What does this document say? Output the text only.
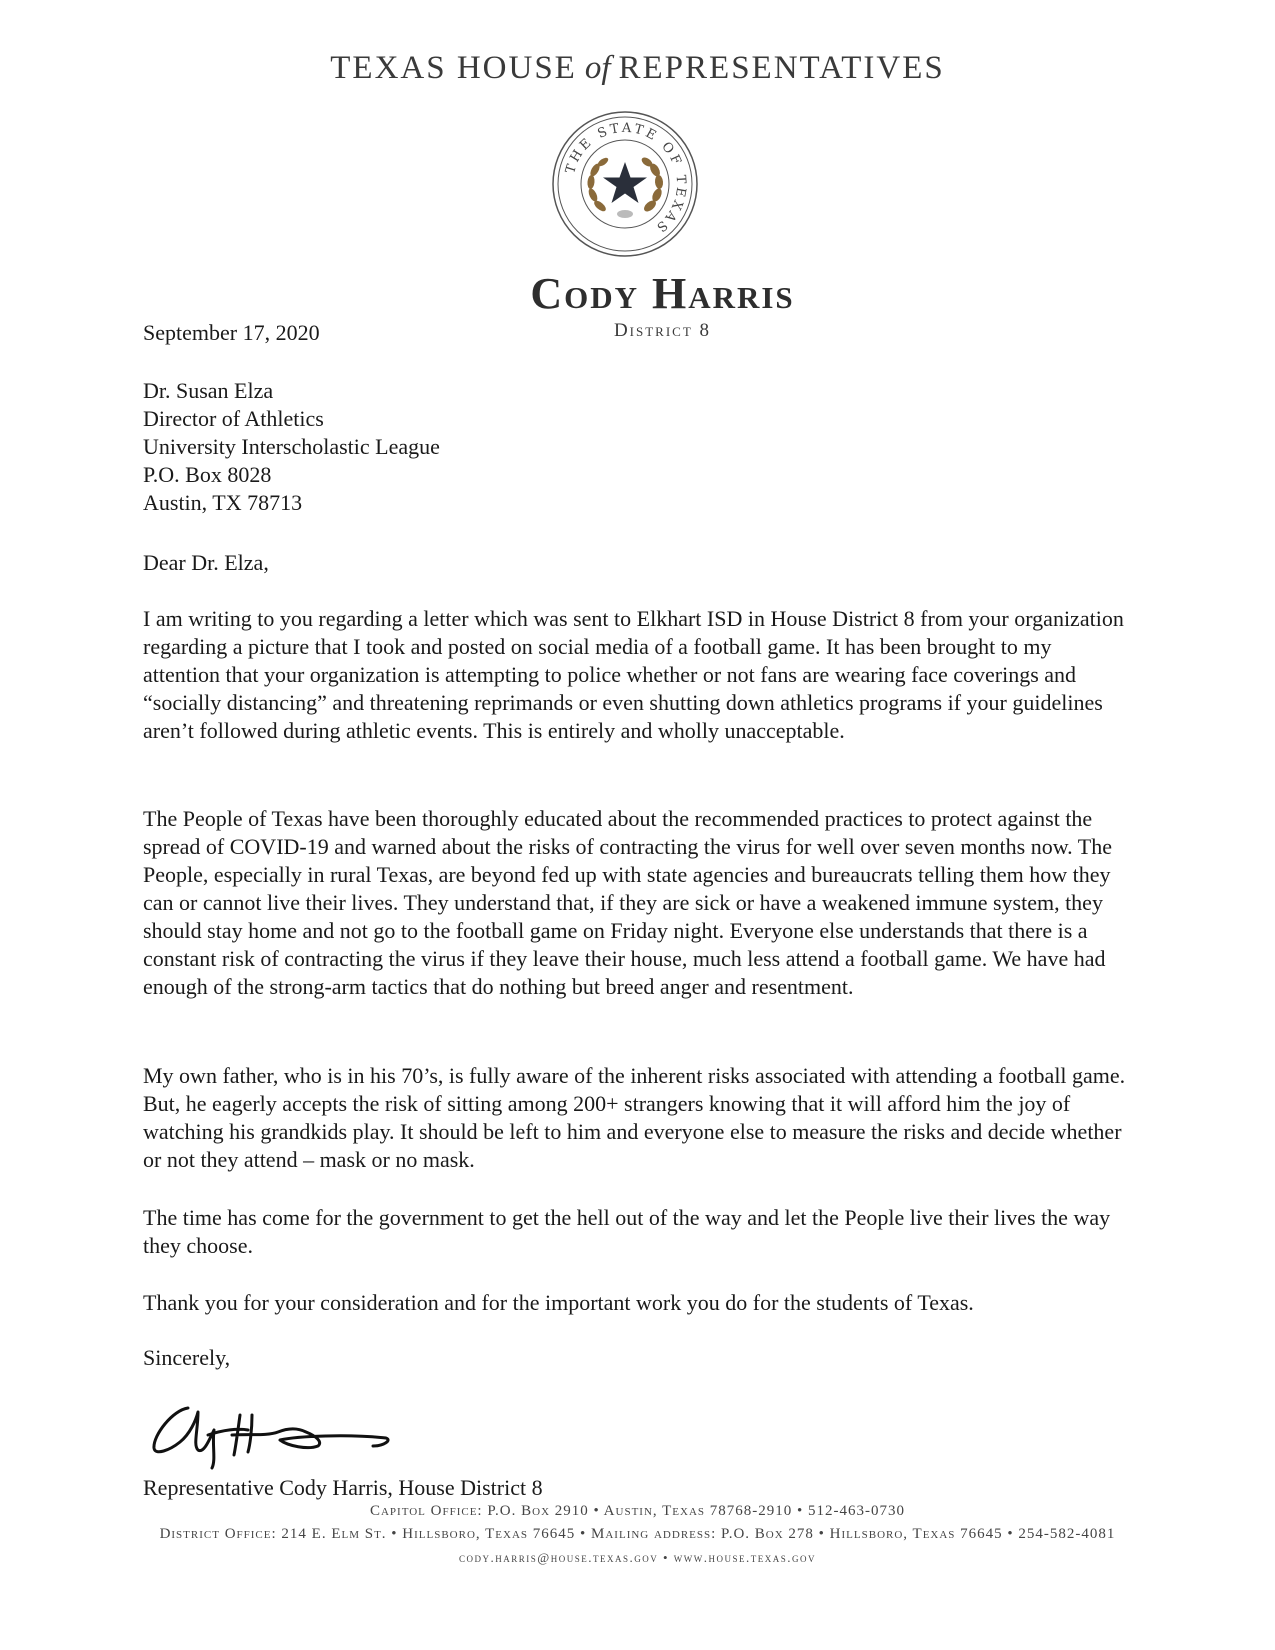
TEXAS HOUSE of REPRESENTATIVES
THE STATE OF TEXAS
Cody Harris
District 8
September 17, 2020
Dr. Susan Elza
Director of Athletics
University Interscholastic League
P.O. Box 8028
Austin, TX 78713
Dear Dr. Elza,

I am writing to you regarding a letter which was sent to Elkhart ISD in House District 8 from your organization regarding a picture that I took and posted on social media of a football game. It has been brought to my attention that your organization is attempting to police whether or not fans are wearing face coverings and “socially distancing” and threatening reprimands or even shutting down athletics programs if your guidelines aren’t followed during athletic events. This is entirely and wholly unacceptable.

The People of Texas have been thoroughly educated about the recommended practices to protect against the spread of COVID-19 and warned about the risks of contracting the virus for well over seven months now. The People, especially in rural Texas, are beyond fed up with state agencies and bureaucrats telling them how they can or cannot live their lives. They understand that, if they are sick or have a weakened immune system, they should stay home and not go to the football game on Friday night. Everyone else understands that there is a constant risk of contracting the virus if they leave their house, much less attend a football game. We have had enough of the strong-arm tactics that do nothing but breed anger and resentment.

My own father, who is in his 70’s, is fully aware of the inherent risks associated with attending a football game. But, he eagerly accepts the risk of sitting among 200+ strangers knowing that it will afford him the joy of watching his grandkids play. It should be left to him and everyone else to measure the risks and decide whether or not they attend – mask or no mask.

The time has come for the government to get the hell out of the way and let the People live their lives the way they choose.

Thank you for your consideration and for the important work you do for the students of Texas.

Sincerely,
Representative Cody Harris, House District 8
Capitol Office: P.O. Box 2910 • Austin, Texas 78768-2910 • 512-463-0730
District Office: 214 E. Elm St. • Hillsboro, Texas 76645 • Mailing address: P.O. Box 278 • Hillsboro, Texas 76645 • 254-582-4081
cody.harris@house.texas.gov • www.house.texas.gov
